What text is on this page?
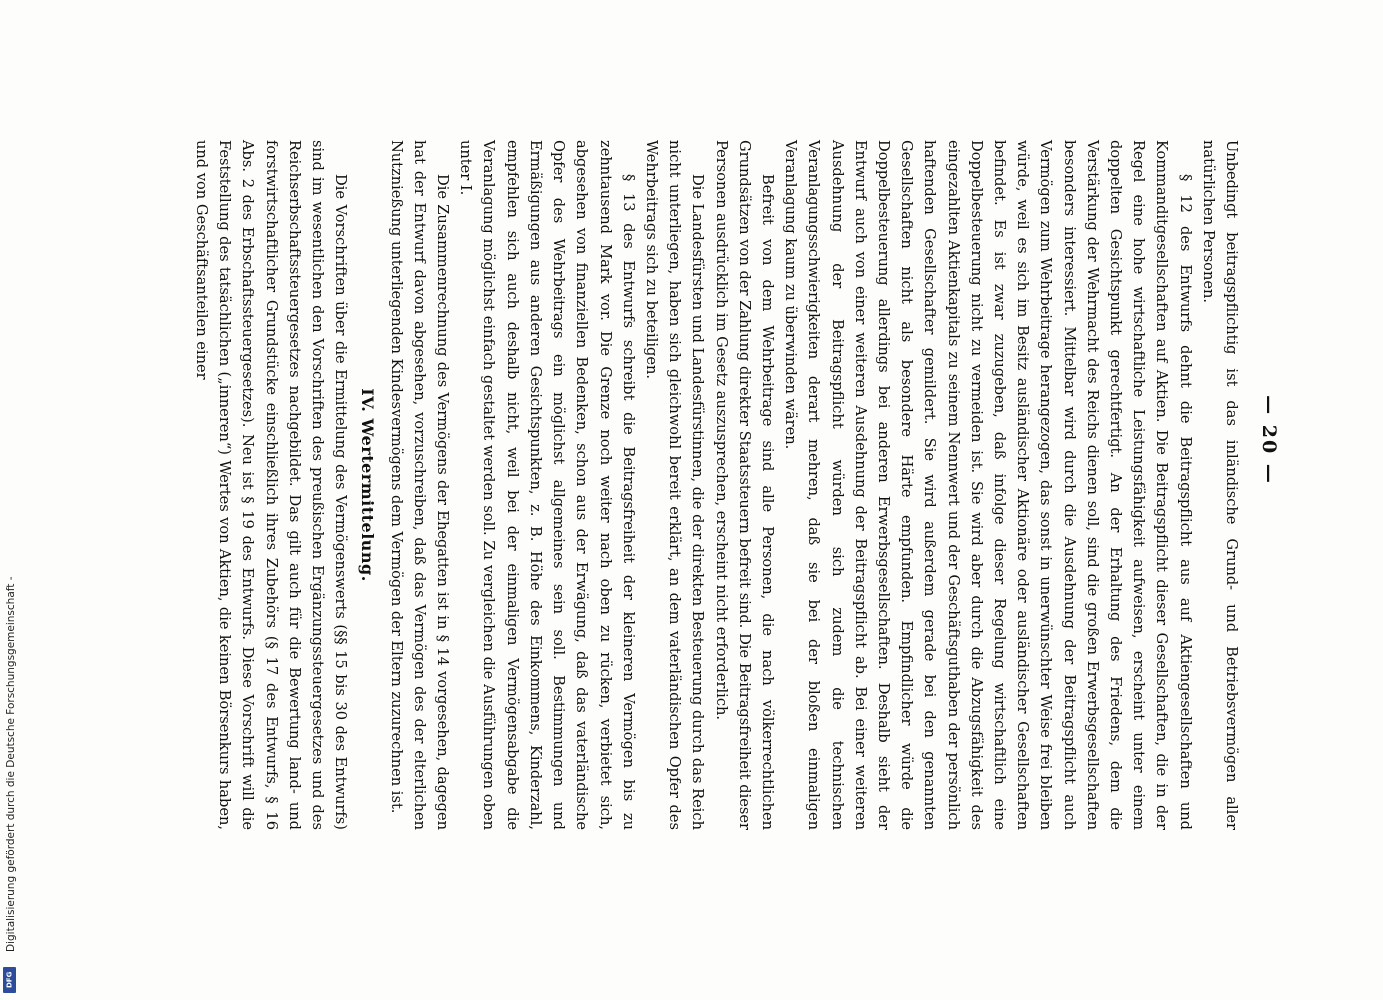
— 20 —

Unbedingt beitragspflichtig ist das inländische Grund- und Betriebsvermögen aller natürlichen Personen.

§ 12 des Entwurfs dehnt die Beitragspflicht aus auf Aktiengesellschaften und Kommanditgesellschaften auf Aktien. Die Beitragspflicht dieser Gesellschaften, die in der Regel eine hohe wirtschaftliche Leistungsfähigkeit aufweisen, erscheint unter einem doppelten Gesichtspunkt gerechtfertigt. An der Erhaltung des Friedens, dem die Verstärkung der Wehrmacht des Reichs dienen soll, sind die großen Erwerbsgesellschaften besonders interessiert. Mittelbar wird durch die Ausdehnung der Beitragspflicht auch Vermögen zum Wehrbeitrage herangezogen, das sonst in unerwünschter Weise frei bleiben würde, weil es sich im Besitz ausländischer Aktionäre oder ausländischer Gesellschaften befindet. Es ist zwar zuzugeben, daß infolge dieser Regelung wirtschaftlich eine Doppelbesteuerung nicht zu vermeiden ist. Sie wird aber durch die Abzugsfähigkeit des eingezahlten Aktienkapitals zu seinem Nennwert und der Geschäftsguthaben der persönlich haftenden Gesellschafter gemildert. Sie wird außerdem gerade bei den genannten Gesellschaften nicht als besondere Härte empfunden. Empfindlicher würde die Doppelbesteuerung allerdings bei anderen Erwerbsgesellschaften. Deshalb sieht der Entwurf auch von einer weiteren Ausdehnung der Beitragspflicht ab. Bei einer weiteren Ausdehnung der Beitragspflicht würden sich zudem die technischen Veranlagungsschwierigkeiten derart mehren, daß sie bei der bloßen einmaligen Veranlagung kaum zu überwinden wären.

Befreit von dem Wehrbeitrage sind alle Personen, die nach völkerrechtlichen Grundsätzen von der Zahlung direkter Staatssteuern befreit sind. Die Beitragsfreiheit dieser Personen ausdrücklich im Gesetz auszusprechen, erscheint nicht erforderlich.

Die Landesfürsten und Landesfürstinnen, die der direkten Besteuerung durch das Reich nicht unterliegen, haben sich gleichwohl bereit erklärt, an dem vaterländischen Opfer des Wehrbeitrags sich zu beteiligen.

§ 13 des Entwurfs schreibt die Beitragsfreiheit der kleineren Vermögen bis zu zehntausend Mark vor. Die Grenze noch weiter nach oben zu rücken, verbietet sich, abgesehen von finanziellen Bedenken, schon aus der Erwägung, daß das vaterländische Opfer des Wehrbeitrags ein möglichst allgemeines sein soll. Bestimmungen und Ermäßigungen aus anderen Gesichtspunkten, z. B. Höhe des Einkommens, Kinderzahl, empfehlen sich auch deshalb nicht, weil bei der einmaligen Vermögensabgabe die Veranlagung möglichst einfach gestaltet werden soll. Zu vergleichen die Ausführungen oben unter I.

Die Zusammenrechnung des Vermögens der Ehegatten ist in § 14 vorgesehen, dagegen hat der Entwurf davon abgesehen, vorzuschreiben, daß das Vermögen des der elterlichen Nutznießung unterliegenden Kindesvermögens dem Vermögen der Eltern zuzurechnen ist.

IV. Wertermittelung.

Die Vorschriften über die Ermittelung des Vermögenswerts (§§ 15 bis 30 des Entwurfs) sind im wesentlichen den Vorschriften des preußischen Ergänzungssteuergesetzes und des Reichserbschaftssteuergesetzes nachgebildet. Das gilt auch für die Bewertung land- und forstwirtschaftlicher Grundstücke einschließlich ihres Zubehörs (§ 17 des Entwurfs, § 16 Abs. 2 des Erbschaftssteuergesetzes). Neu ist § 19 des Entwurfs. Diese Vorschrift will die Feststellung des tatsächlichen („inneren“) Wertes von Aktien, die keinen Börsenkurs haben, und von Geschäftsanteilen einer

Digitalisierung gefördert durch die Deutsche Forschungsgemeinschaft -
DFG
